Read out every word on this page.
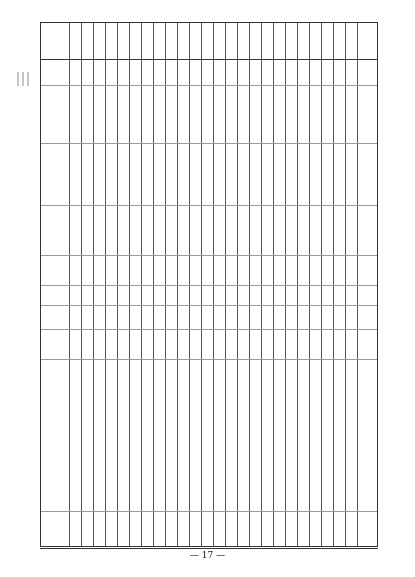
— 17 —
